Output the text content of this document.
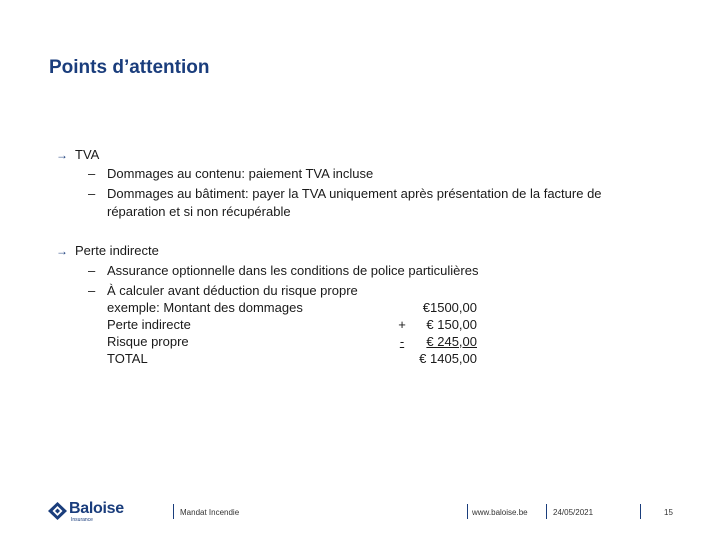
Points d’attention
→ TVA
– Dommages au contenu: paiement TVA incluse
– Dommages au bâtiment: payer la TVA uniquement après présentation de la facture de réparation et si non récupérable
→ Perte indirecte
– Assurance optionnelle dans les conditions de police particulières
– À calculer avant déduction du risque propre
exemple: Montant des dommages	€1500,00
Perte indirecte	+ € 150,00
Risque propre	- € 245,00
TOTAL	€ 1405,00
Baloise
Insurance
Mandat Incendie	www.baloise.be	24/05/2021	15
